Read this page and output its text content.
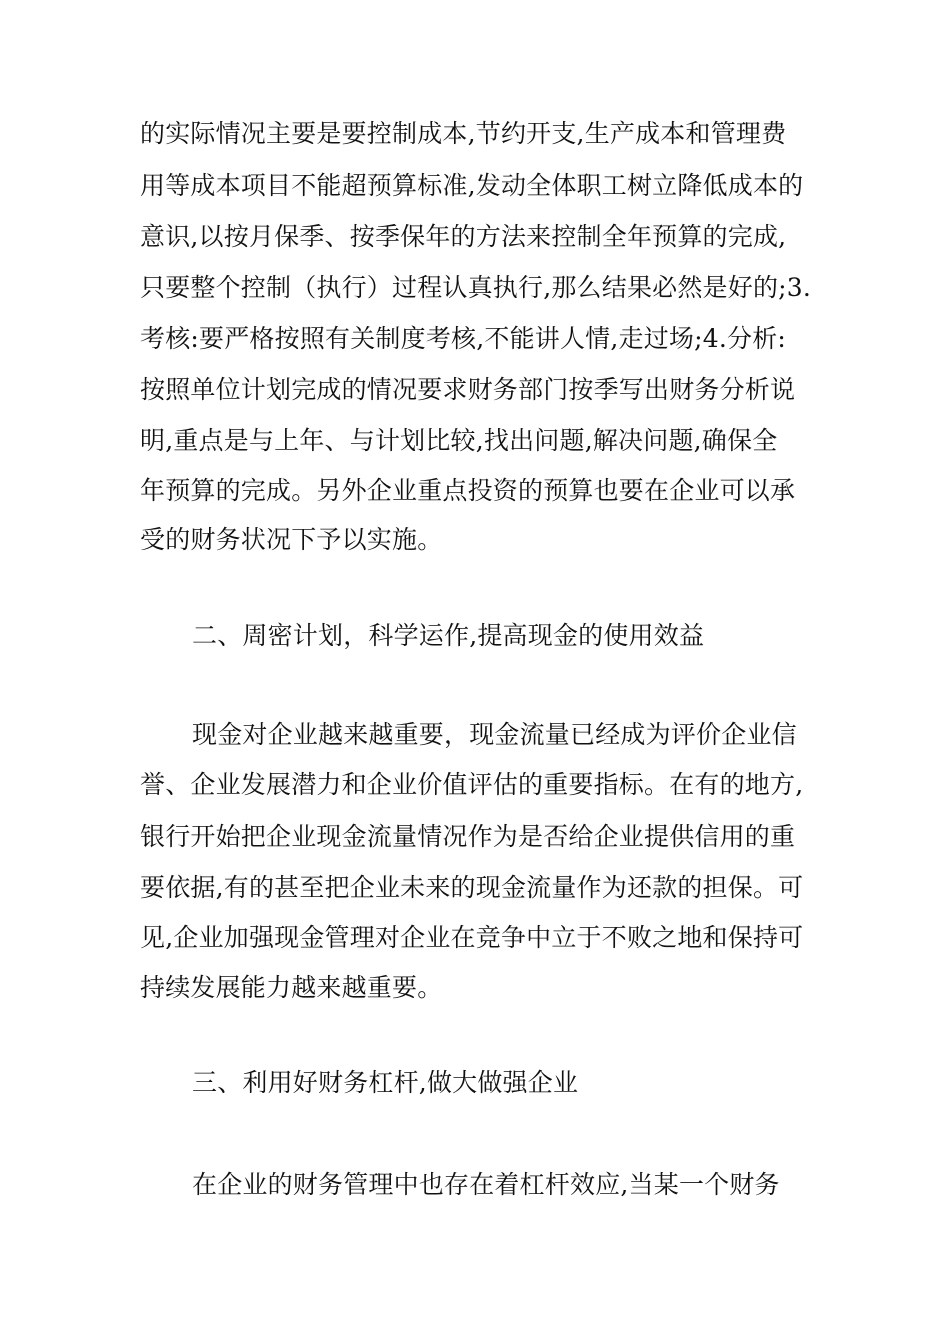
的实际情况主要是要控制成本,节约开支,生产成本和管理费
用等成本项目不能超预算标准,发动全体职工树立降低成本的
意识,以按月保季、按季保年的方法来控制全年预算的完成,
只要整个控制（执行）过程认真执行,那么结果必然是好的;3.
考核:要严格按照有关制度考核,不能讲人情,走过场;4.分析:
按照单位计划完成的情况要求财务部门按季写出财务分析说
明,重点是与上年、与计划比较,找出问题,解决问题,确保全
年预算的完成。另外企业重点投资的预算也要在企业可以承
受的财务状况下予以实施。
二、周密计划，科学运作,提高现金的使用效益
现金对企业越来越重要，现金流量已经成为评价企业信
誉、企业发展潜力和企业价值评估的重要指标。在有的地方,
银行开始把企业现金流量情况作为是否给企业提供信用的重
要依据,有的甚至把企业未来的现金流量作为还款的担保。可
见,企业加强现金管理对企业在竞争中立于不败之地和保持可
持续发展能力越来越重要。
三、利用好财务杠杆,做大做强企业
在企业的财务管理中也存在着杠杆效应,当某一个财务
